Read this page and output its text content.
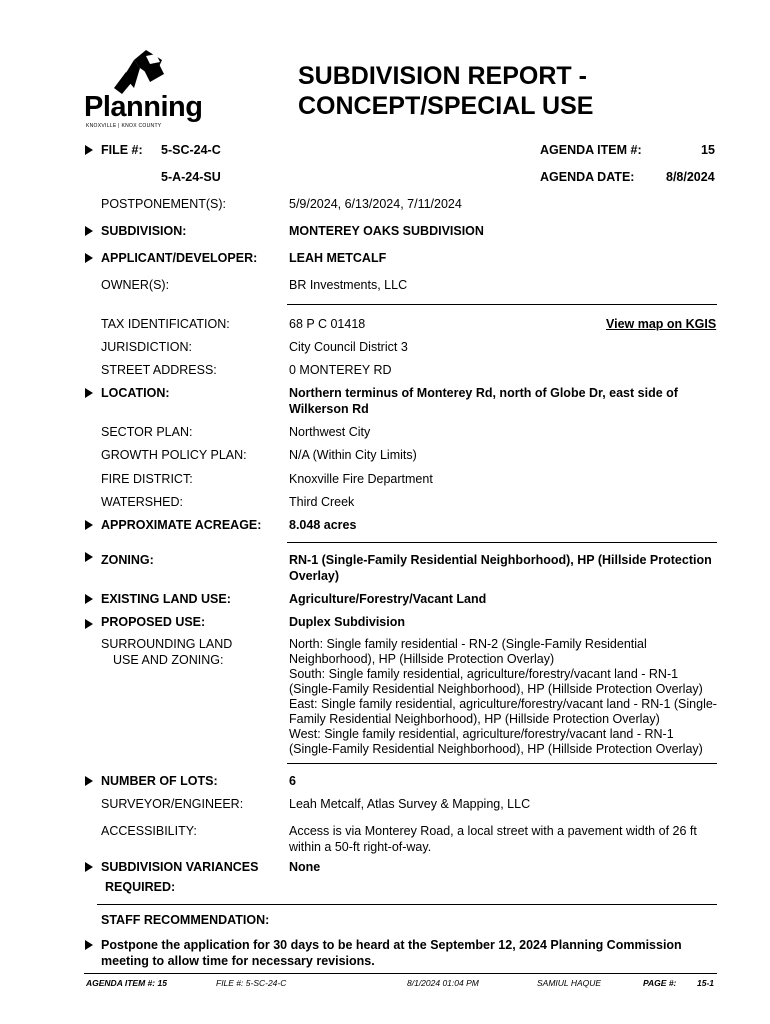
Planning
KNOXVILLE | KNOX COUNTY
SUBDIVISION REPORT -
CONCEPT/SPECIAL USE
FILE #: 5-SC-24-C	AGENDA ITEM #:	15
5-A-24-SU	AGENDA DATE:	8/8/2024
POSTPONEMENT(S):	5/9/2024, 6/13/2024, 7/11/2024
SUBDIVISION:	MONTEREY OAKS SUBDIVISION
APPLICANT/DEVELOPER:	LEAH METCALF
OWNER(S):	BR Investments, LLC
TAX IDENTIFICATION:	68 P C 01418	View map on KGIS
JURISDICTION:	City Council District 3
STREET ADDRESS:	0 MONTEREY RD
LOCATION:	Northern terminus of Monterey Rd, north of Globe Dr, east side of
Wilkerson Rd
SECTOR PLAN:	Northwest City
GROWTH POLICY PLAN:	N/A (Within City Limits)
FIRE DISTRICT:	Knoxville Fire Department
WATERSHED:	Third Creek
APPROXIMATE ACREAGE: 8.048 acres
ZONING:	RN-1 (Single-Family Residential Neighborhood), HP (Hillside Protection
Overlay)
EXISTING LAND USE:	Agriculture/Forestry/Vacant Land
PROPOSED USE:	Duplex Subdivision
SURROUNDING LAND
USE AND ZONING:
North: Single family residential - RN-2 (Single-Family Residential
Neighborhood), HP (Hillside Protection Overlay)
South: Single family residential, agriculture/forestry/vacant land - RN-1
(Single-Family Residential Neighborhood), HP (Hillside Protection Overlay)
East: Single family residential, agriculture/forestry/vacant land - RN-1 (Single-
Family Residential Neighborhood), HP (Hillside Protection Overlay)
West: Single family residential, agriculture/forestry/vacant land - RN-1
(Single-Family Residential Neighborhood), HP (Hillside Protection Overlay)
NUMBER OF LOTS:	6
SURVEYOR/ENGINEER:	Leah Metcalf, Atlas Survey & Mapping, LLC
ACCESSIBILITY:	Access is via Monterey Road, a local street with a pavement width of 26 ft
within a 50-ft right-of-way.
SUBDIVISION VARIANCES
REQUIRED:
None
STAFF RECOMMENDATION:
Postpone the application for 30 days to be heard at the September 12, 2024 Planning Commission
meeting to allow time for necessary revisions.
AGENDA ITEM #: 15	FILE #: 5-SC-24-C	8/1/2024 01:04 PM	SAMIUL HAQUE	PAGE #: 15-1
